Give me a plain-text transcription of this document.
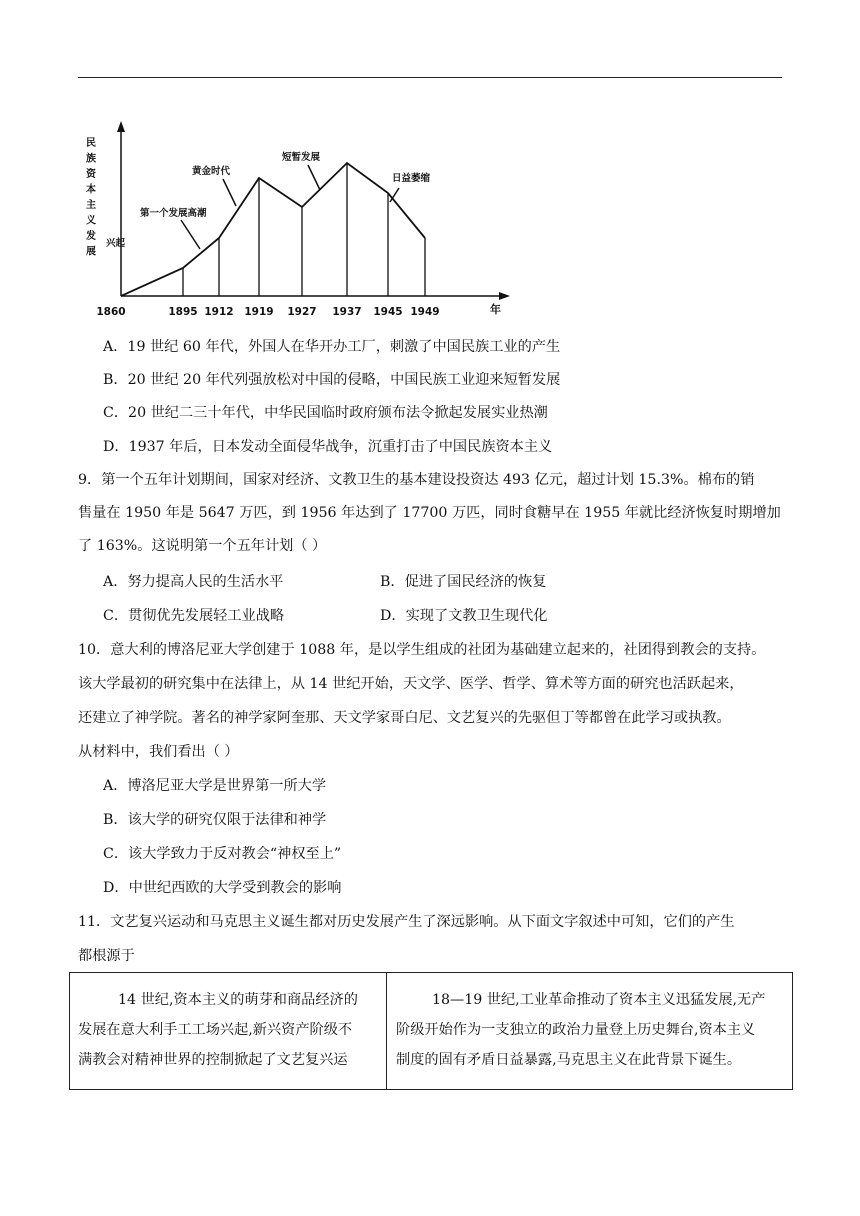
民
族
资
本
主
义
发
展
年
1860	1895 1912 1919 1927 1937 1945 1949
兴起
第一个发展高潮
黄金时代
短暂发展
日益萎缩
A．19 世纪 60 年代，外国人在华开办工厂，刺激了中国民族工业的产生
B．20 世纪 20 年代列强放松对中国的侵略，中国民族工业迎来短暂发展
C．20 世纪二三十年代，中华民国临时政府颁布法令掀起发展实业热潮
D．1937 年后，日本发动全面侵华战争，沉重打击了中国民族资本主义
9．第一个五年计划期间，国家对经济、文教卫生的基本建设投资达 493 亿元，超过计划 15.3%。棉布的销
售量在 1950 年是 5647 万匹，到 1956 年达到了 17700 万匹，同时食糖早在 1955 年就比经济恢复时期增加
了 163%。这说明第一个五年计划（ ）
A．努力提高人民的生活水平	B．促进了国民经济的恢复
C．贯彻优先发展轻工业战略	D．实现了文教卫生现代化
10．意大利的博洛尼亚大学创建于 1088 年，是以学生组成的社团为基础建立起来的，社团得到教会的支持。
该大学最初的研究集中在法律上，从 14 世纪开始，天文学、医学、哲学、算术等方面的研究也活跃起来，
还建立了神学院。著名的神学家阿奎那、天文学家哥白尼、文艺复兴的先驱但丁等都曾在此学习或执教。
从材料中，我们看出（ ）
A．博洛尼亚大学是世界第一所大学
B．该大学的研究仅限于法律和神学
C．该大学致力于反对教会“神权至上”
D．中世纪西欧的大学受到教会的影响
11．文艺复兴运动和马克思主义诞生都对历史发展产生了深远影响。从下面文字叙述中可知，它们的产生
都根源于
14 世纪,资本主义的萌芽和商品经济的
发展在意大利手工工场兴起,新兴资产阶级不
满教会对精神世界的控制掀起了文艺复兴运
18—19 世纪,工业革命推动了资本主义迅猛发展,无产
阶级开始作为一支独立的政治力量登上历史舞台,资本主义
制度的固有矛盾日益暴露,马克思主义在此背景下诞生。
